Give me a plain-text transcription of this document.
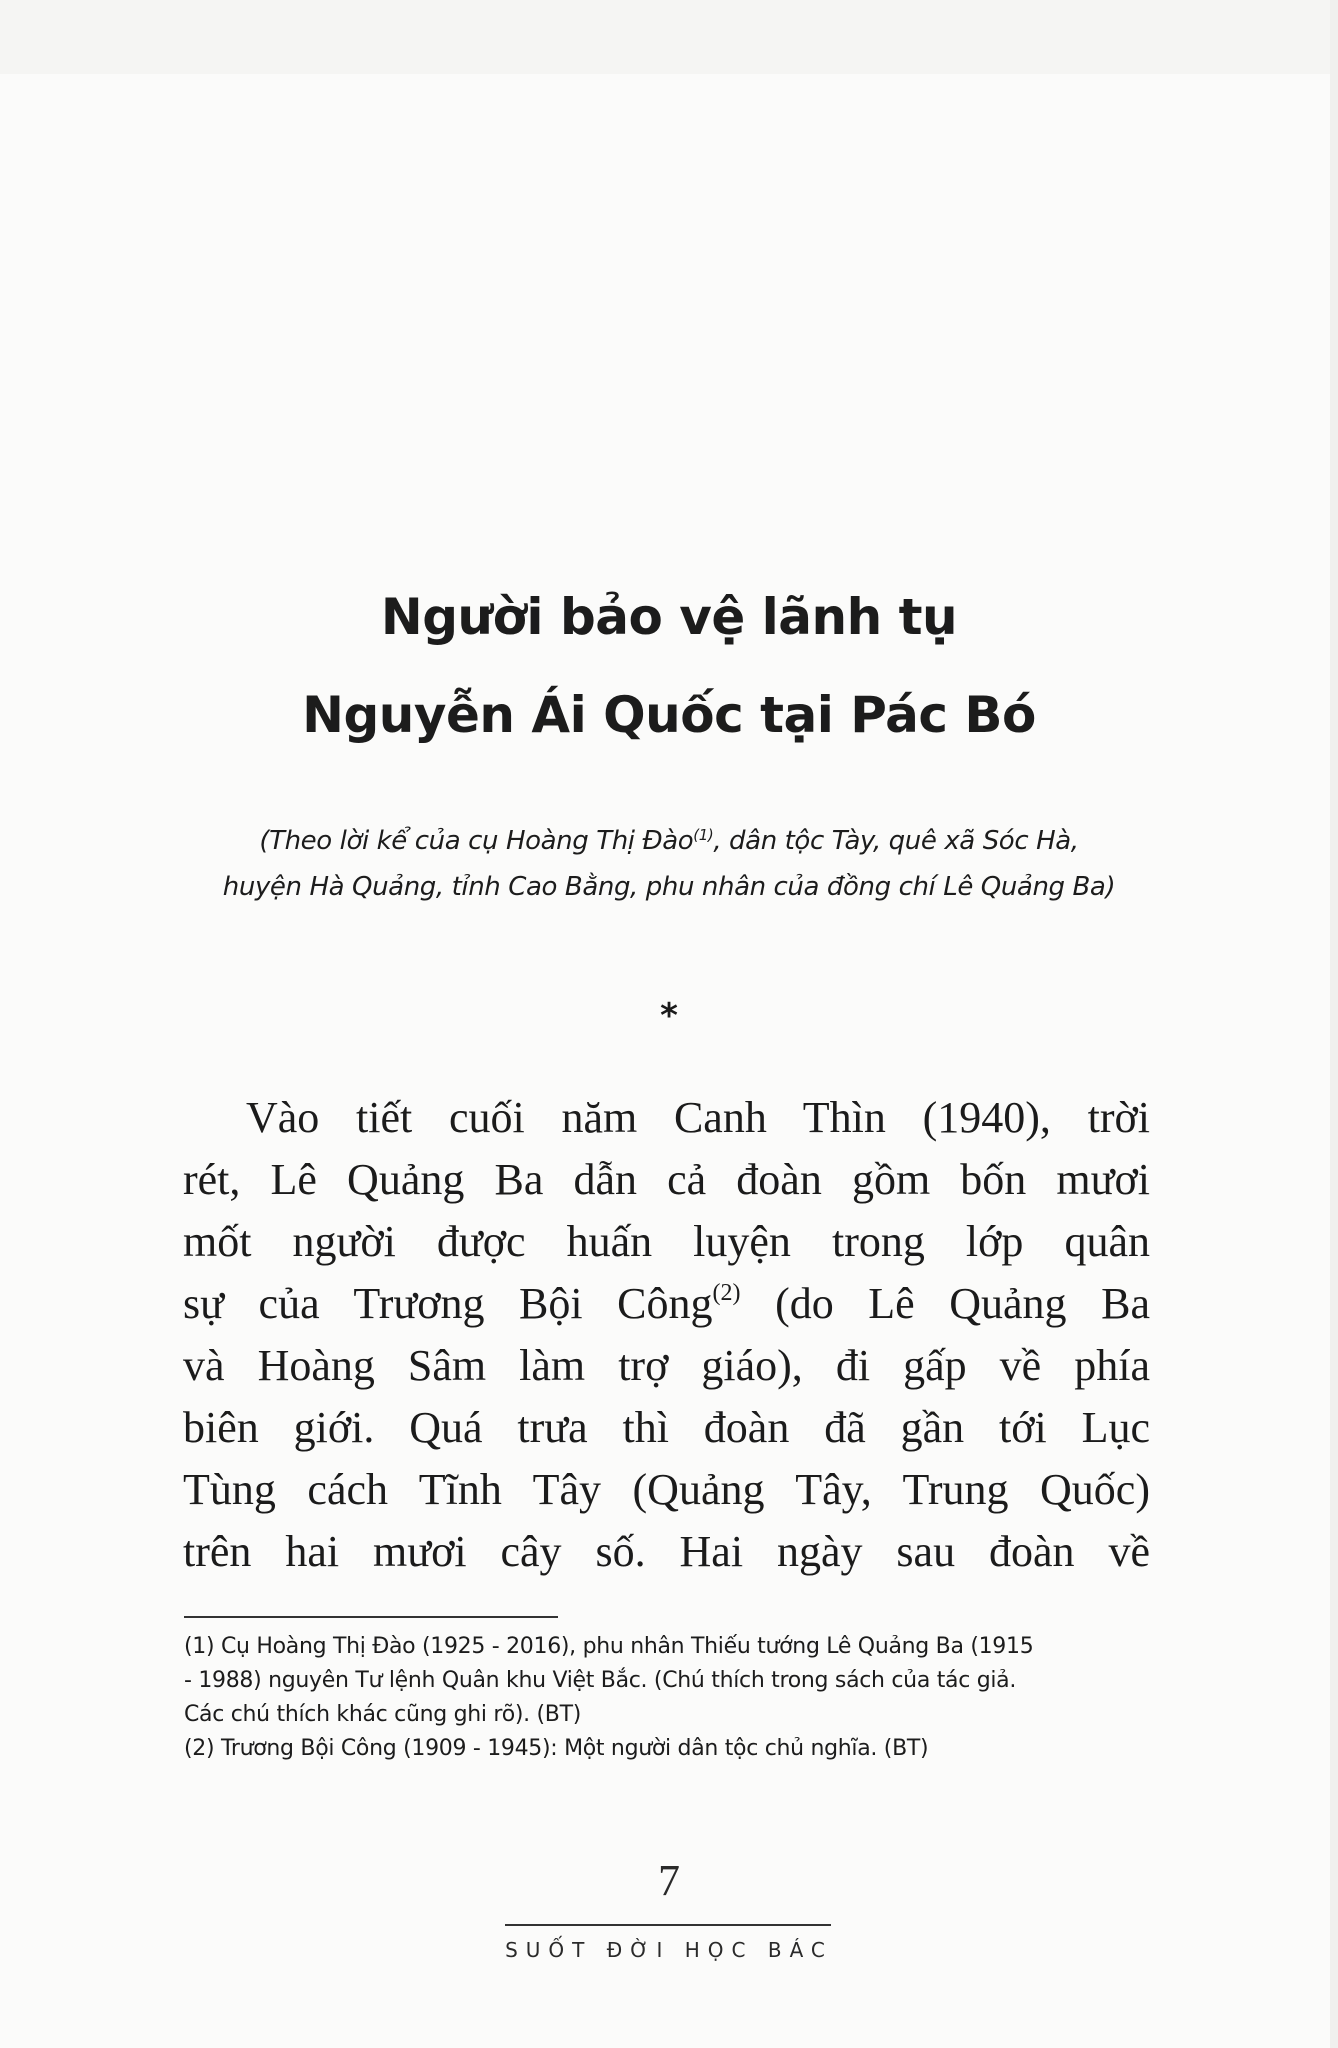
Người bảo vệ lãnh tụ
Nguyễn Ái Quốc tại Pác Bó
(Theo lời kể của cụ Hoàng Thị Đào$^{(1)}$, dân tộc Tày, quê xã Sóc Hà,
huyện Hà Quảng, tỉnh Cao Bằng, phu nhân của đồng chí Lê Quảng Ba)
*
Vào tiết cuối năm Canh Thìn (1940), trời
rét, Lê Quảng Ba dẫn cả đoàn gồm bốn mươi
mốt người được huấn luyện trong lớp quân
sự của Trương Bội Công$^{(2)}$ (do Lê Quảng Ba
và Hoàng Sâm làm trợ giáo), đi gấp về phía
biên giới. Quá trưa thì đoàn đã gần tới Lục
Tùng cách Tĩnh Tây (Quảng Tây, Trung Quốc)
trên hai mươi cây số. Hai ngày sau đoàn về
(1) Cụ Hoàng Thị Đào (1925 - 2016), phu nhân Thiếu tướng Lê Quảng Ba (1915
- 1988) nguyên Tư lệnh Quân khu Việt Bắc. (Chú thích trong sách của tác giả.
Các chú thích khác cũng ghi rõ). (BT)
(2) Trương Bội Công (1909 - 1945): Một người dân tộc chủ nghĩa. (BT)
7
SUỐT ĐỜI HỌC BÁC
